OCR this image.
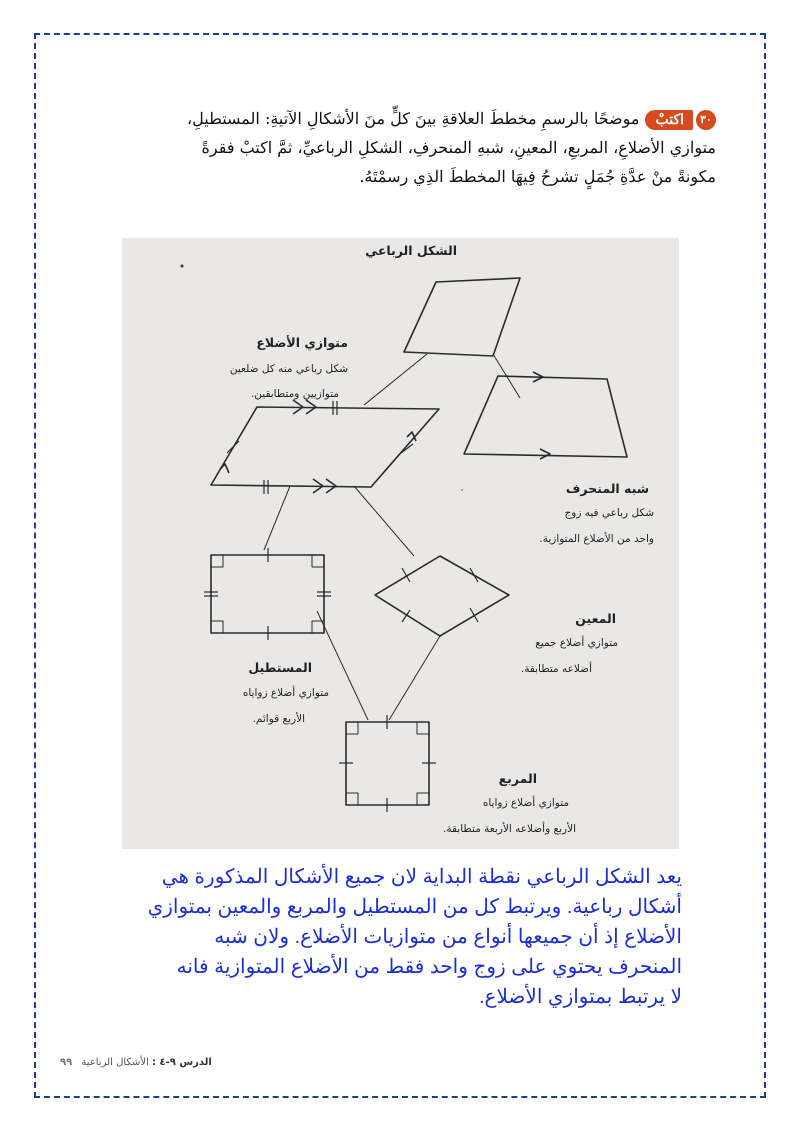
٣٠اكتبْموضحًا بالرسمِ مخططَ العلاقةِ بينَ كلٍّ منَ الأشكالِ الآتيةِ: المستطيلِ،
متوازي الأضلاعِ، المربعِ، المعينِ، شبهِ المنحرفِ، الشكلِ الرباعيِّ، ثمَّ اكتبْ فقرةً
مكونةً منْ عدَّةِ جُمَلٍ تشرحُ فِيهَا المخططَ الذِي رسمْتَهُ.
الشكل الرباعي
متوازي الأضلاع
شكل رباعي منه كل ضلعين
متوازيين ومتطابقين.
شبه المنحرف
شكل رباعي فيه زوج
واحد من الأضلاع المتوازية.
المعين
متوازي أضلاع جميع
أضلاعه متطابقة.
المستطيل
متوازي أضلاع زواياه
الأربع قوائم.
المربع
متوازي أضلاع زواياه
الأربع وأضلاعه الأربعة متطابقة.
يعد الشكل الرباعي نقطة البداية لان جميع الأشكال المذكورة هي
أشكال رباعية. ويرتبط كل من المستطيل والمربع والمعين بمتوازي
الأضلاع إذ أن جميعها أنواع من متوازيات الأضلاع. ولان شبه
المنحرف يحتوي على زوج واحد فقط من الأضلاع المتوازية فانه
لا يرتبط بمتوازي الأضلاع.
الدرس ٩-٤ : الأشكال الرباعية ٩٩
